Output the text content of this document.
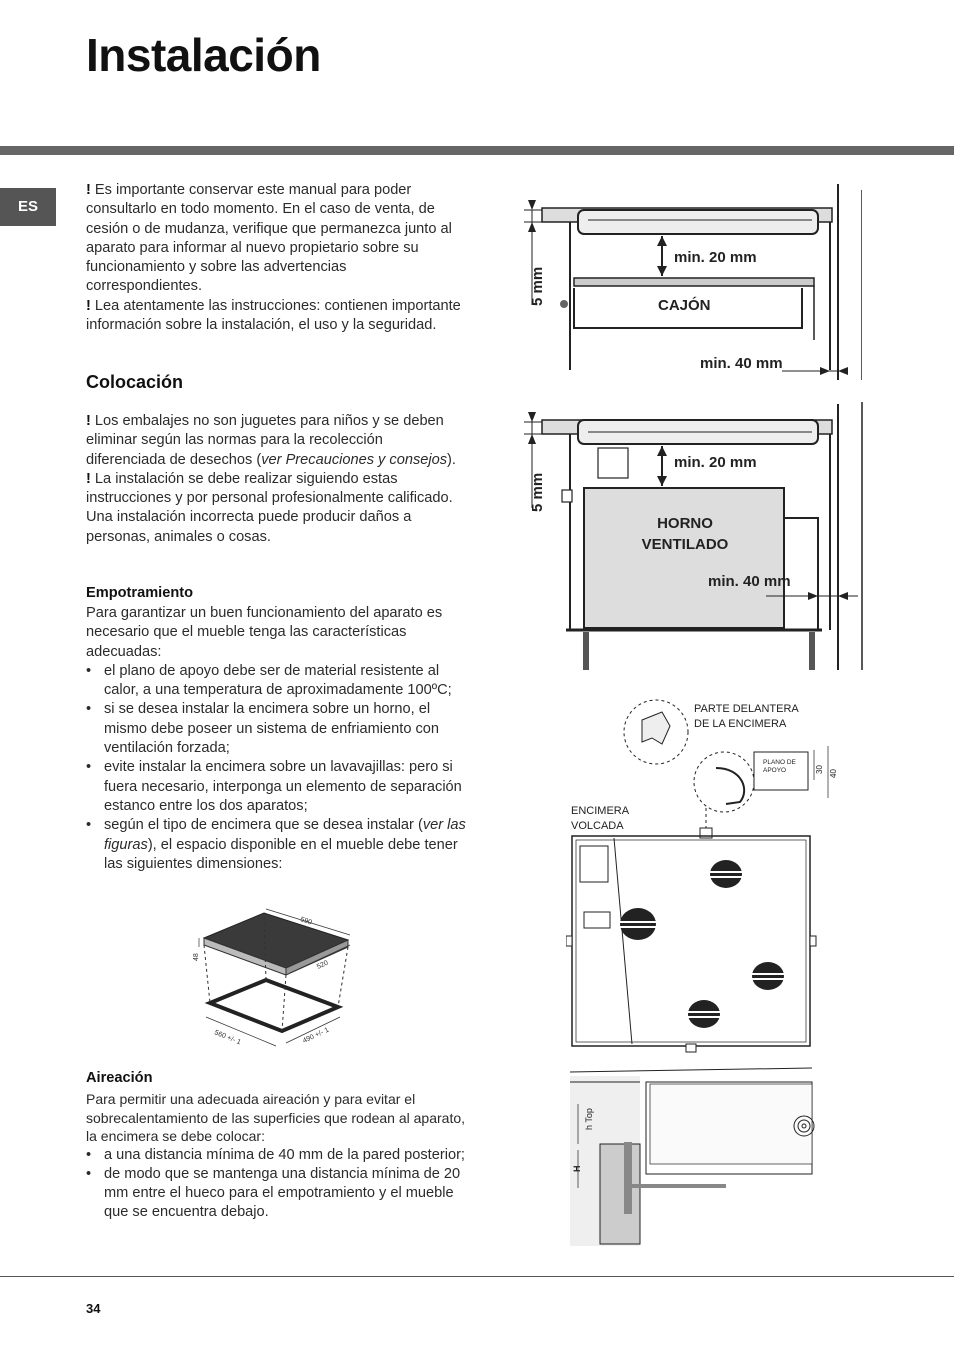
Instalación
ES

! Es importante conservar este manual para poder consultarlo en todo momento. En el caso de venta, de cesión o de mudanza, verifique que permanezca junto al aparato para informar al nuevo propietario sobre su funcionamiento y sobre las advertencias correspondientes.

! Lea atentamente las instrucciones: contienen importante información sobre la instalación, el uso y la seguridad.

Colocación

! Los embalajes no son juguetes para niños y se deben eliminar según las normas para la recolección diferenciada de desechos (ver Precauciones y consejos).

! La instalación se debe realizar siguiendo estas instrucciones y por personal profesionalmente calificado. Una instalación incorrecta puede producir daños a personas, animales o cosas.

Empotramiento

Para garantizar un buen funcionamiento del aparato es necesario que el mueble tenga las características adecuadas:

• el plano de apoyo debe ser de material resistente al calor, a una temperatura de aproximadamente 100ºC;
• si se desea instalar la encimera sobre un horno, el mismo debe poseer un sistema de enfriamiento con ventilación forzada;
• evite instalar la encimera sobre un lavavajillas: pero si fuera necesario, interponga un elemento de separación estanco entre los dos aparatos;
• según el tipo de encimera que se desea instalar (ver las figuras), el espacio disponible en el mueble debe tener las siguientes dimensiones:
590
48
520
560 +/- 1	490 +/- 1
Aireación

Para permitir una adecuada aireación y para evitar el sobrecalentamiento de las superficies que rodean al aparato, la encimera se debe colocar:

• a una distancia mínima de 40 mm de la pared posterior;
• de modo que se mantenga una distancia mínima de 20 mm entre el hueco para el empotramiento y el mueble que se encuentra debajo.
min. 20 mm
5 mm	CAJÓN
min. 40 mm
min. 20 mm
5 mm
HORNO
VENTILADO
min. 40 mm
PARTE DELANTERA
DE LA ENCIMERA
PLANO DE
APOYO	30 40
ENCIMERA
VOLCADA
h Top
H
34
